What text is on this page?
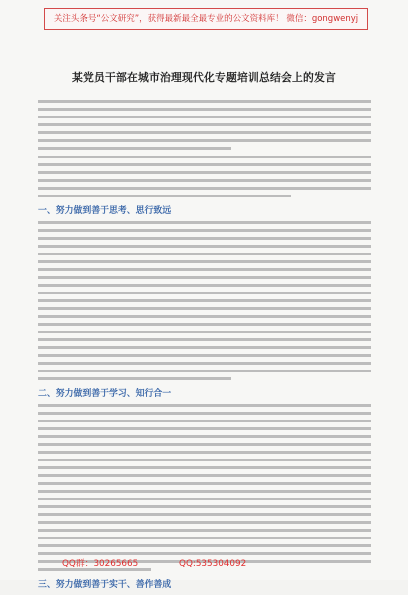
关注头条号“公文研究”，获得最新最全最专业的公文资料库！ 微信：gongwenyj
某党员干部在城市治理现代化专题培训总结会上的发言
一、努力做到善于思考、思行致远
二、努力做到善于学习、知行合一
三、努力做到善于实干、善作善成
QQ群：30265665	QQ:535304092
